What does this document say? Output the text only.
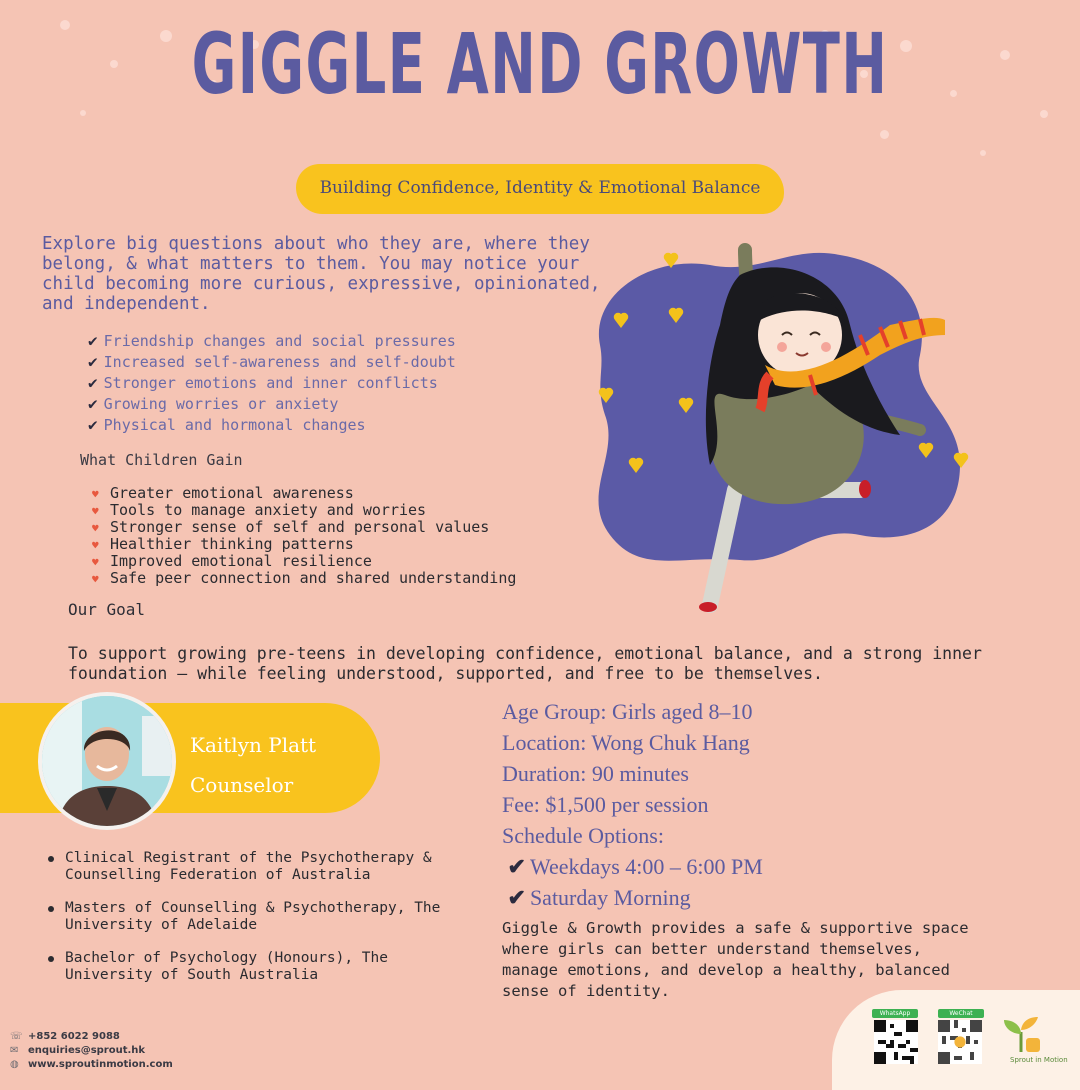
GIGGLE AND GROWTH
Building Confidence, Identity & Emotional Balance
Explore big questions about who they are, where they belong, & what matters to them. You may notice your child becoming more curious, expressive, opinionated, and independent.
✔ Friendship changes and social pressures
✔ Increased self-awareness and self-doubt
✔ Stronger emotions and inner conflicts
✔ Growing worries or anxiety
✔ Physical and hormonal changes
What Children Gain
♥ Greater emotional awareness
♥ Tools to manage anxiety and worries
♥ Stronger sense of self and personal values
♥ Healthier thinking patterns
♥ Improved emotional resilience
♥ Safe peer connection and shared understanding
Our Goal
To support growing pre-teens in developing confidence, emotional balance, and a strong inner foundation — while feeling understood, supported, and free to be themselves.
Kaitlyn Platt
Counselor
Clinical Registrant of the Psychotherapy & Counselling Federation of Australia
Masters of Counselling & Psychotherapy, The University of Adelaide
Bachelor of Psychology (Honours), The University of South Australia
Age Group: Girls aged 8–10
Location: Wong Chuk Hang
Duration: 90 minutes
Fee: $1,500 per session
Schedule Options:
✔ Weekdays 4:00 – 6:00 PM
✔ Saturday Morning
Giggle & Growth provides a safe & supportive space where girls can better understand themselves, manage emotions, and develop a healthy, balanced sense of identity.
☏ +852 6022 9088
✉ enquiries@sprout.hk
◍ www.sproutinmotion.com
WhatsApp	WeChat
Sprout in Motion
